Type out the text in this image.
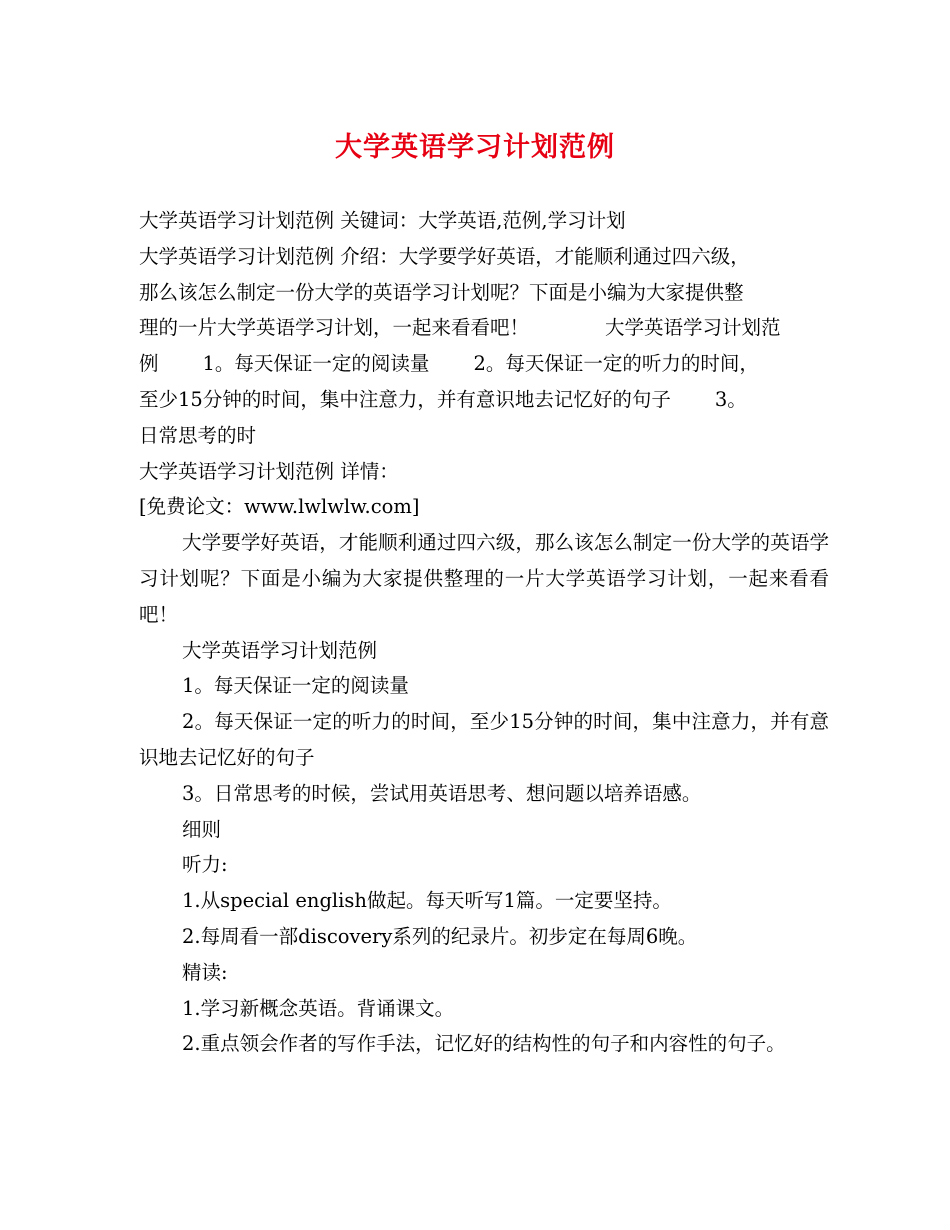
大学英语学习计划范例
大学英语学习计划范例 关键词：大学英语,范例,学习计划
大学英语学习计划范例 介绍：大学要学好英语，才能顺利通过四六级，
那么该怎么制定一份大学的英语学习计划呢？下面是小编为大家提供整
理的一片大学英语学习计划，一起来看看吧！	大学英语学习计划范
例 1。每天保证一定的阅读量 2。每天保证一定的听力的时间，
至少15分钟的时间，集中注意力，并有意识地去记忆好的句子 3。
日常思考的时
大学英语学习计划范例 详情：
[免费论文：www.lwlwlw.com]
大学要学好英语，才能顺利通过四六级，那么该怎么制定一份大学的英语学习计划呢？下面是小编为大家提供整理的一片大学英语学习计划，一起来看看吧！
大学英语学习计划范例
1。每天保证一定的阅读量
2。每天保证一定的听力的时间，至少15分钟的时间，集中注意力，并有意识地去记忆好的句子
3。日常思考的时候，尝试用英语思考、想问题以培养语感。
细则
听力:
1.从special english做起。每天听写1篇。一定要坚持。
2.每周看一部discovery系列的纪录片。初步定在每周6晚。
精读:
1.学习新概念英语。背诵课文。
2.重点领会作者的写作手法，记忆好的结构性的句子和内容性的句子。
